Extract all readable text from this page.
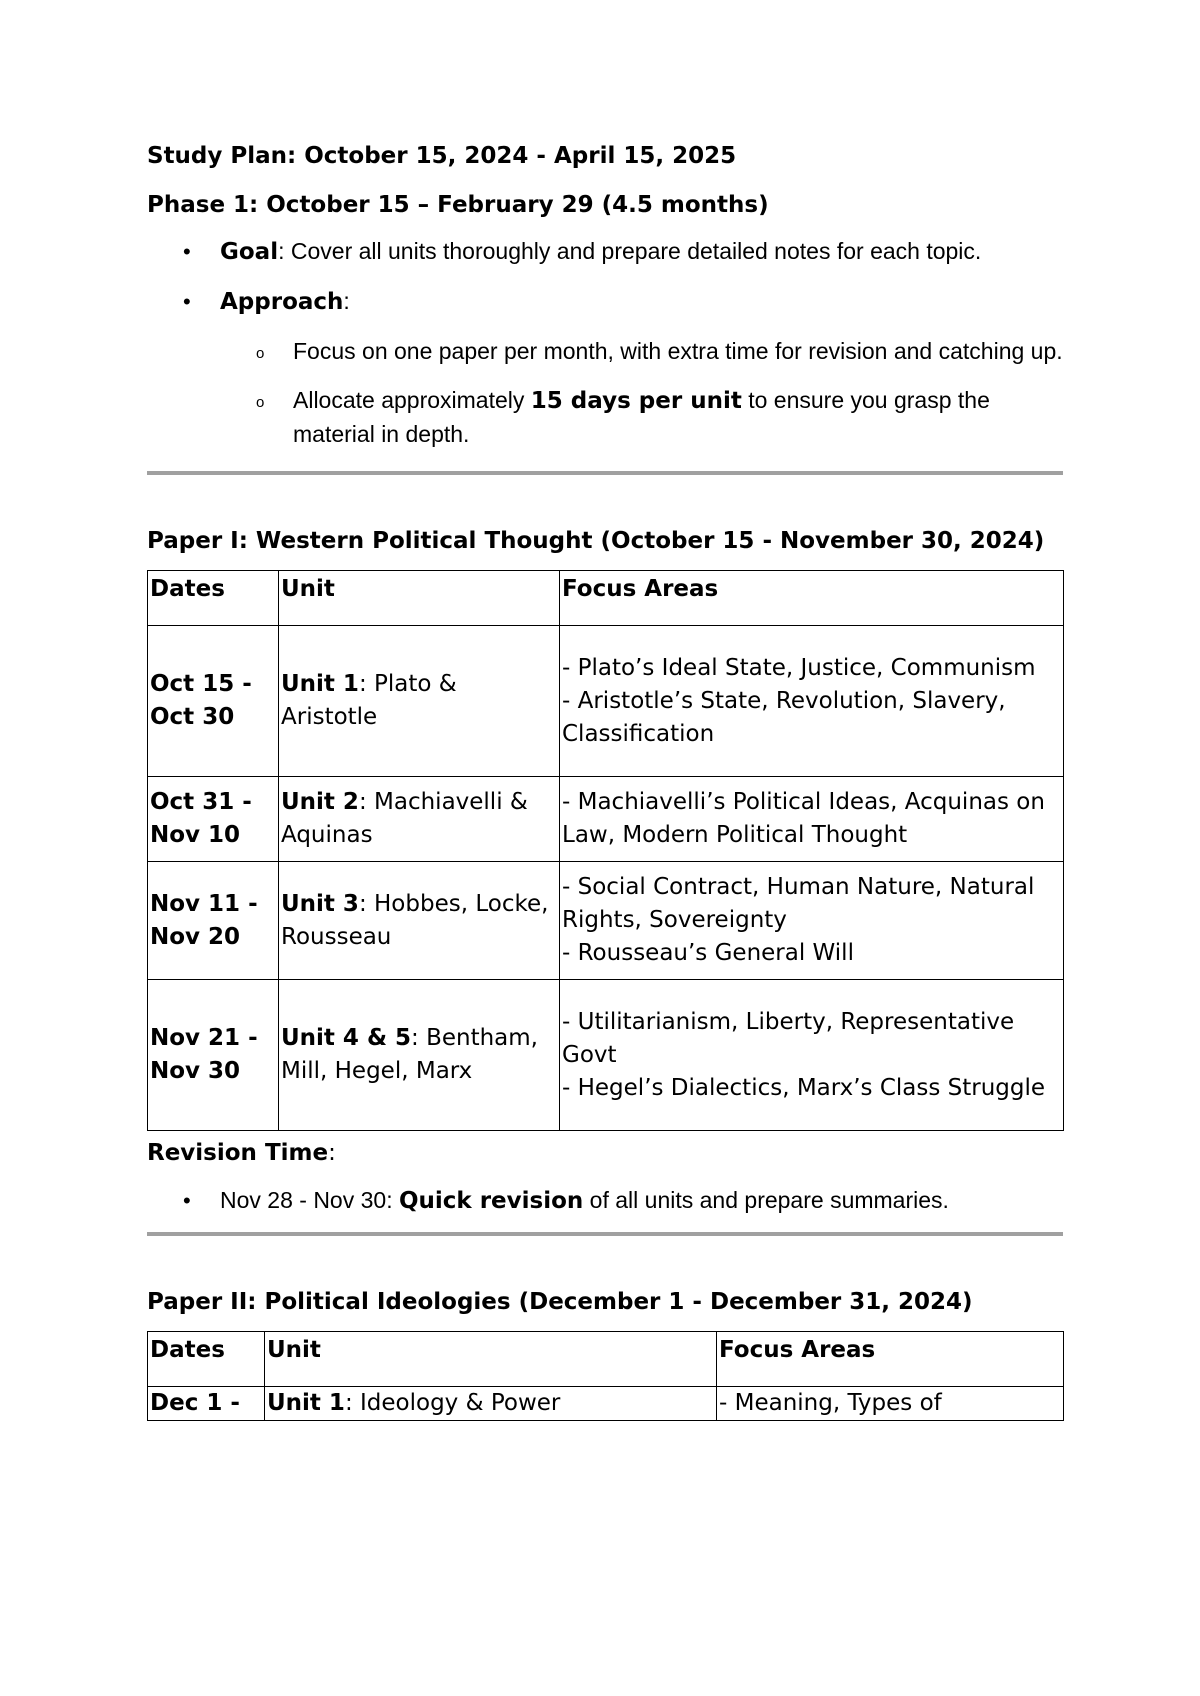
Study Plan: October 15, 2024 - April 15, 2025

Phase 1: October 15 – February 29 (4.5 months)

• Goal: Cover all units thoroughly and prepare detailed notes for each topic.
• Approach:
o Focus on one paper per month, with extra time for revision and catching up.
o Allocate approximately 15 days per unit to ensure you grasp the material in depth.

Paper I: Western Political Thought (October 15 - November 30, 2024)

Dates	Unit	Focus Areas
Oct 15 - Oct 30	Unit 1: Plato & Aristotle	- Plato’s Ideal State, Justice, Communism
- Aristotle’s State, Revolution, Slavery, Classification

Oct 31 - Nov 10	Unit 2: Machiavelli & Aquinas	- Machiavelli’s Political Ideas, Acquinas on Law, Modern Political Thought

Nov 11 - Nov 20	Unit 3: Hobbes, Locke, Rousseau	- Social Contract, Human Nature, Natural Rights, Sovereignty
- Rousseau’s General Will

Nov 21 - Nov 30	Unit 4 & 5: Bentham, Mill, Hegel, Marx	- Utilitarianism, Liberty, Representative Govt
- Hegel’s Dialectics, Marx’s Class Struggle
Revision Time:
• Nov 28 - Nov 30: Quick revision of all units and prepare summaries.

Paper II: Political Ideologies (December 1 - December 31, 2024)

Dates	Unit	Focus Areas
Dec 1 -	Unit 1: Ideology & Power	- Meaning, Types of
